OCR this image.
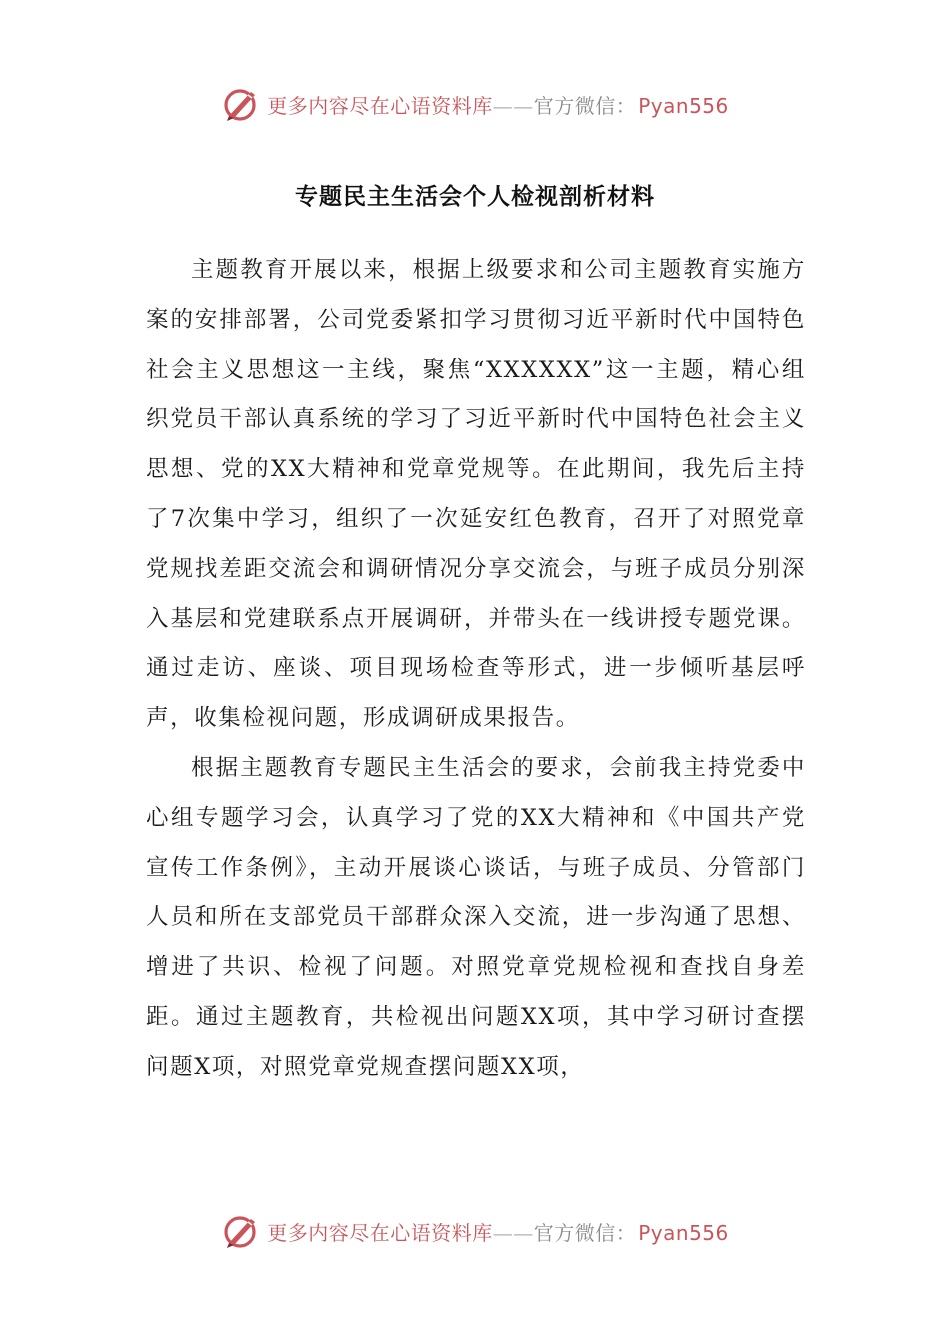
更多内容尽在心语资料库——官方微信： Pyan556
专题民主生活会个人检视剖析材料

主题教育开展以来，根据上级要求和公司主题教育实施方案的安排部署，公司党委紧扣学习贯彻习近平新时代中国特色社会主义思想这一主线，聚焦“XXXXXX”这一主题，精心组织党员干部认真系统的学习了习近平新时代中国特色社会主义思想、党的XX大精神和党章党规等。在此期间，我先后主持了7次集中学习，组织了一次延安红色教育，召开了对照党章党规找差距交流会和调研情况分享交流会，与班子成员分别深入基层和党建联系点开展调研，并带头在一线讲授专题党课。通过走访、座谈、项目现场检查等形式，进一步倾听基层呼声，收集检视问题，形成调研成果报告。

根据主题教育专题民主生活会的要求，会前我主持党委中心组专题学习会，认真学习了党的XX大精神和《中国共产党宣传工作条例》，主动开展谈心谈话，与班子成员、分管部门人员和所在支部党员干部群众深入交流，进一步沟通了思想、增进了共识、检视了问题。对照党章党规检视和查找自身差距。通过主题教育，共检视出问题XX项，其中学习研讨查摆问题X项，对照党章党规查摆问题XX项，

更多内容尽在心语资料库——官方微信： Pyan556
